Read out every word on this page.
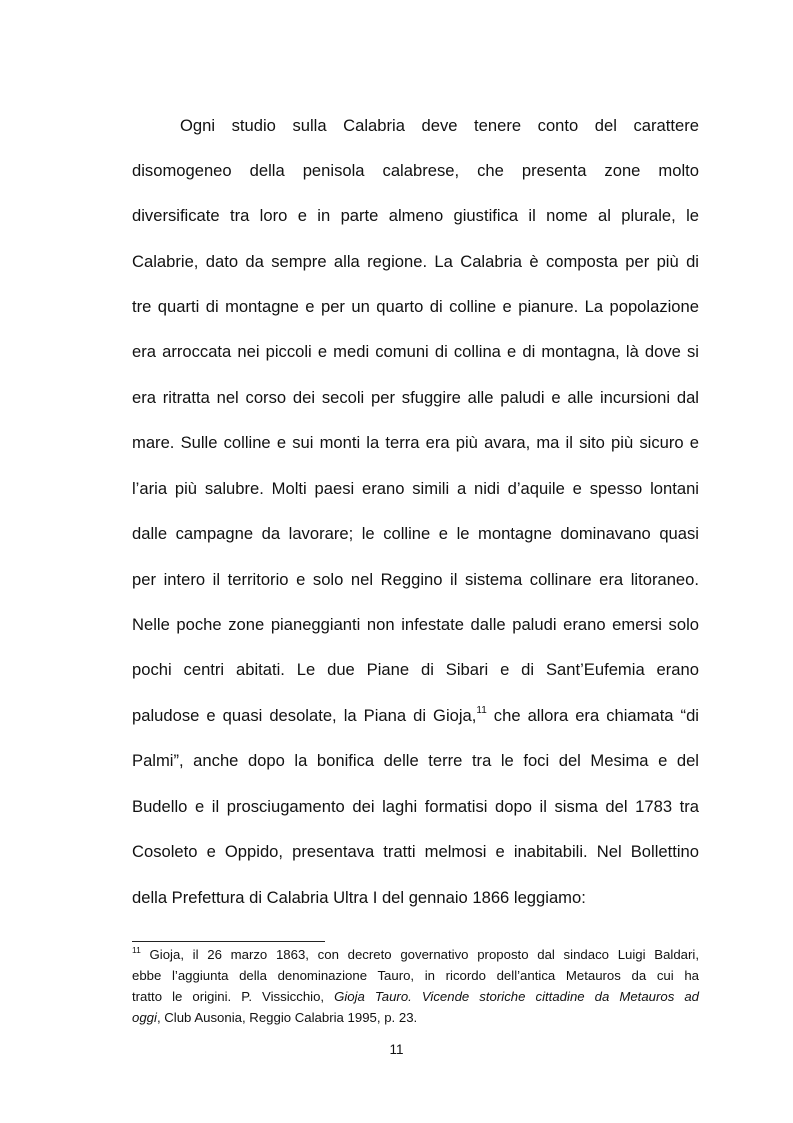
Ogni studio sulla Calabria deve tenere conto del carattere
disomogeneo della penisola calabrese, che presenta zone molto
diversificate tra loro e in parte almeno giustifica il nome al plurale, le
Calabrie, dato da sempre alla regione. La Calabria è composta per più di
tre quarti di montagne e per un quarto di colline e pianure. La popolazione
era arroccata nei piccoli e medi comuni di collina e di montagna, là dove si
era ritratta nel corso dei secoli per sfuggire alle paludi e alle incursioni dal
mare. Sulle colline e sui monti la terra era più avara, ma il sito più sicuro e
l’aria più salubre. Molti paesi erano simili a nidi d’aquile e spesso lontani
dalle campagne da lavorare; le colline e le montagne dominavano quasi
per intero il territorio e solo nel Reggino il sistema collinare era litoraneo.
Nelle poche zone pianeggianti non infestate dalle paludi erano emersi solo
pochi centri abitati. Le due Piane di Sibari e di Sant’Eufemia erano
paludose e quasi desolate, la Piana di Gioja,$^{11}$ che allora era chiamata “di
Palmi”, anche dopo la bonifica delle terre tra le foci del Mesima e del
Budello e il prosciugamento dei laghi formatisi dopo il sisma del 1783 tra
Cosoleto e Oppido, presentava tratti melmosi e inabitabili. Nel Bollettino
della Prefettura di Calabria Ultra I del gennaio 1866 leggiamo:
$^{11}$ Gioja, il 26 marzo 1863, con decreto governativo proposto dal sindaco Luigi Baldari,
ebbe l’aggiunta della denominazione Tauro, in ricordo dell’antica Metauros da cui ha
tratto le origini. P. Vissicchio, Gioja Tauro. Vicende storiche cittadine da Metauros ad
oggi, Club Ausonia, Reggio Calabria 1995, p. 23.
11
